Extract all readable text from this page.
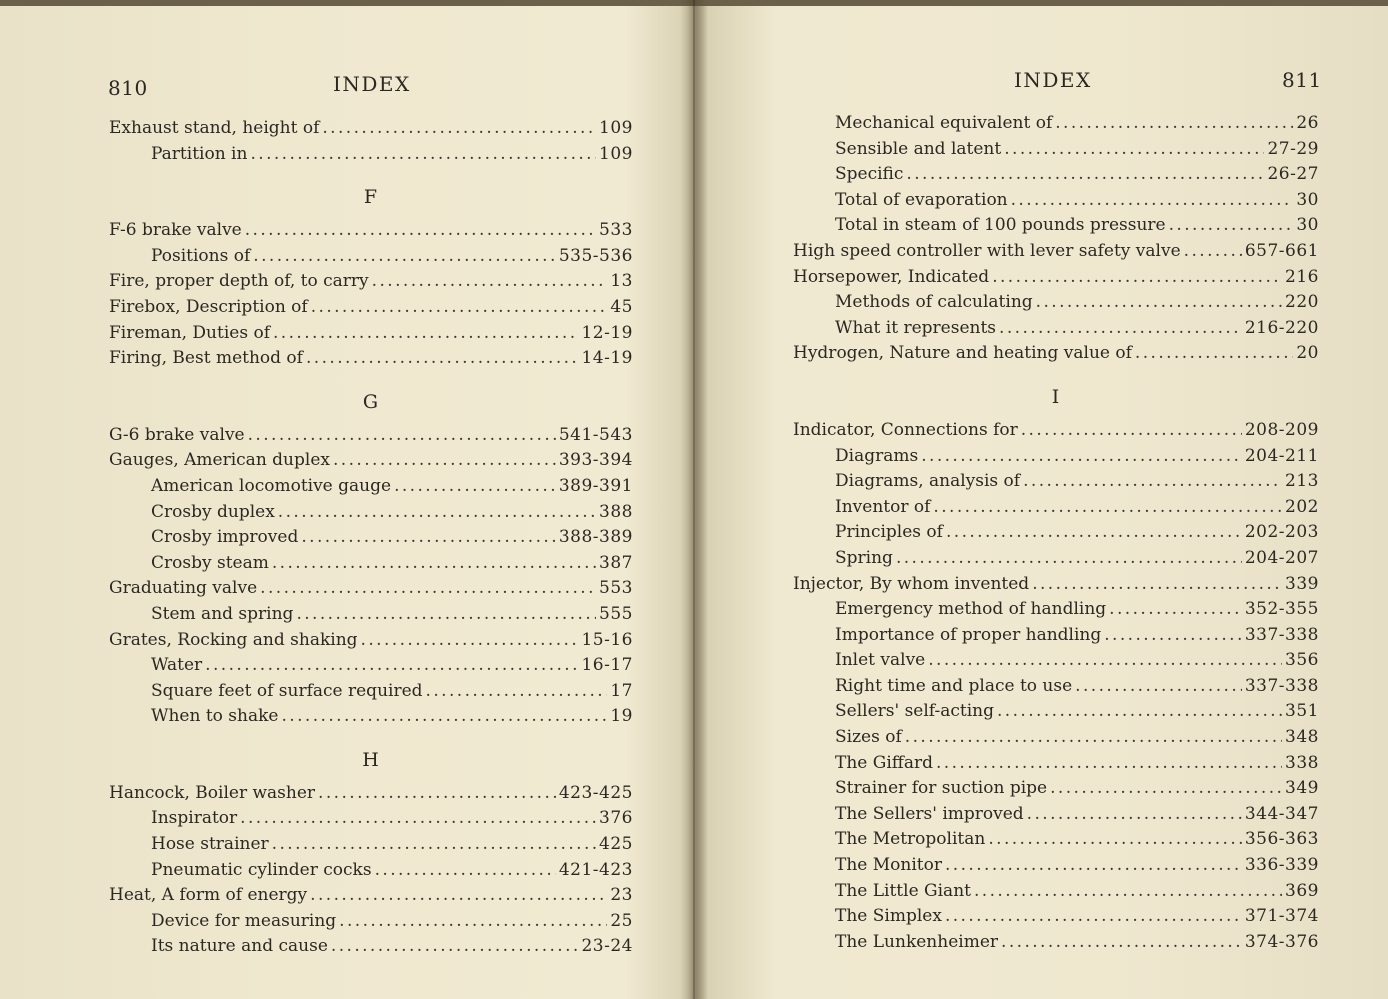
810	INDEX
Exhaust stand, height of . . .	109
Partition in . . .	109
F
F-6 brake valve . . .	533
Positions of . . .	535-536
Fire, proper depth of, to carry . . .	13
Firebox, Description of . . .	45
Fireman, Duties of . . .	12-19
Firing, Best method of . . .	14-19
G
G-6 brake valve . . .	541-543
Gauges, American duplex . . .	393-394
American locomotive gauge . . .	389-391
Crosby duplex . . .	388
Crosby improved . . .	388-389
Crosby steam . . .	387
Graduating valve . . .	553
Stem and spring . . .	555
Grates, Rocking and shaking . . .	15-16
Water . . .	16-17
Square feet of surface required . . .	17
When to shake . . .	19
H
Hancock, Boiler washer . . .	423-425
Inspirator . . .	376
Hose strainer . . .	425
Pneumatic cylinder cocks . . .	421-423
Heat, A form of energy . . .	23
Device for measuring . . .	25
Its nature and cause . . .	23-24
INDEX	811
Mechanical equivalent of . . .	26
Sensible and latent . . .	27-29
Specific . . .	26-27
Total of evaporation . . .	30
Total in steam of 100 pounds pressure . . .	30
High speed controller with lever safety valve . . .	657-661
Horsepower, Indicated . . .	216
Methods of calculating . . .	220
What it represents . . .	216-220
Hydrogen, Nature and heating value of . . .	20
I
Indicator, Connections for . . .	208-209
Diagrams . . .	204-211
Diagrams, analysis of . . .	213
Inventor of . . .	202
Principles of . . .	202-203
Spring . . .	204-207
Injector, By whom invented . . .	339
Emergency method of handling . . .	352-355
Importance of proper handling . . .	337-338
Inlet valve . . .	356
Right time and place to use . . .	337-338
Sellers' self-acting . . .	351
Sizes of . . .	348
The Giffard . . .	338
Strainer for suction pipe . . .	349
The Sellers' improved . . .	344-347
The Metropolitan . . .	356-363
The Monitor . . .	336-339
The Little Giant . . .	369
The Simplex . . .	371-374
The Lunkenheimer . . .	374-376
